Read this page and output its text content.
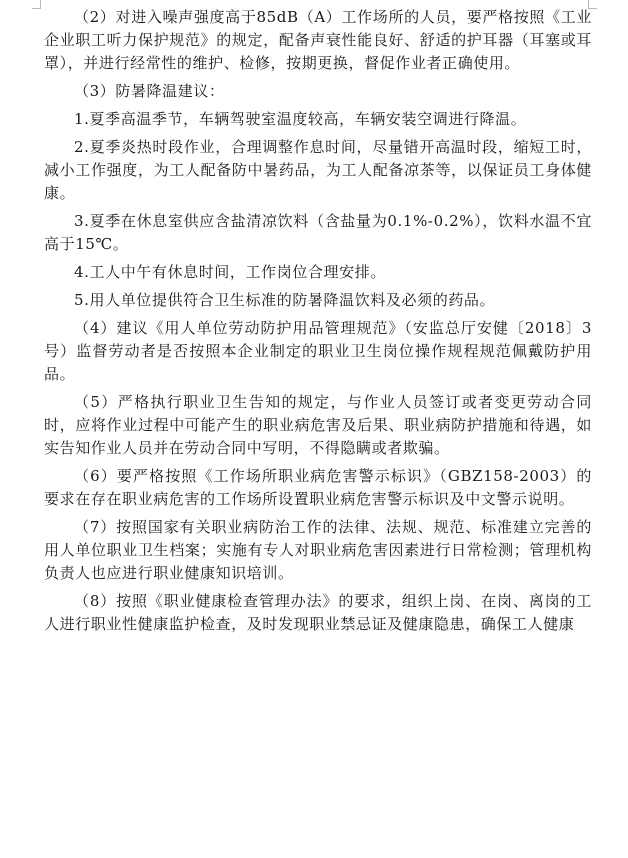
（2）对进入噪声强度高于85dB（A）工作场所的人员，要严格按照《工业企业职工听力保护规范》的规定，配备声衰性能良好、舒适的护耳器（耳塞或耳罩），并进行经常性的维护、检修，按期更换，督促作业者正确使用。

（3）防暑降温建议：

1.夏季高温季节，车辆驾驶室温度较高，车辆安装空调进行降温。

2.夏季炎热时段作业，合理调整作息时间，尽量错开高温时段，缩短工时，减小工作强度，为工人配备防中暑药品，为工人配备凉茶等，以保证员工身体健康。

3.夏季在休息室供应含盐清凉饮料（含盐量为0.1%-0.2%），饮料水温不宜高于15℃。

4.工人中午有休息时间，工作岗位合理安排。

5.用人单位提供符合卫生标准的防暑降温饮料及必须的药品。

（4）建议《用人单位劳动防护用品管理规范》（安监总厅安健〔2018〕3号）监督劳动者是否按照本企业制定的职业卫生岗位操作规程规范佩戴防护用品。

（5）严格执行职业卫生告知的规定，与作业人员签订或者变更劳动合同时，应将作业过程中可能产生的职业病危害及后果、职业病防护措施和待遇，如实告知作业人员并在劳动合同中写明，不得隐瞒或者欺骗。

（6）要严格按照《工作场所职业病危害警示标识》（GBZ158-2003）的要求在存在职业病危害的工作场所设置职业病危害警示标识及中文警示说明。

（7）按照国家有关职业病防治工作的法律、法规、规范、标准建立完善的用人单位职业卫生档案；实施有专人对职业病危害因素进行日常检测；管理机构负责人也应进行职业健康知识培训。

（8）按照《职业健康检查管理办法》的要求，组织上岗、在岗、离岗的工人进行职业性健康监护检查，及时发现职业禁忌证及健康隐患，确保工人健康
